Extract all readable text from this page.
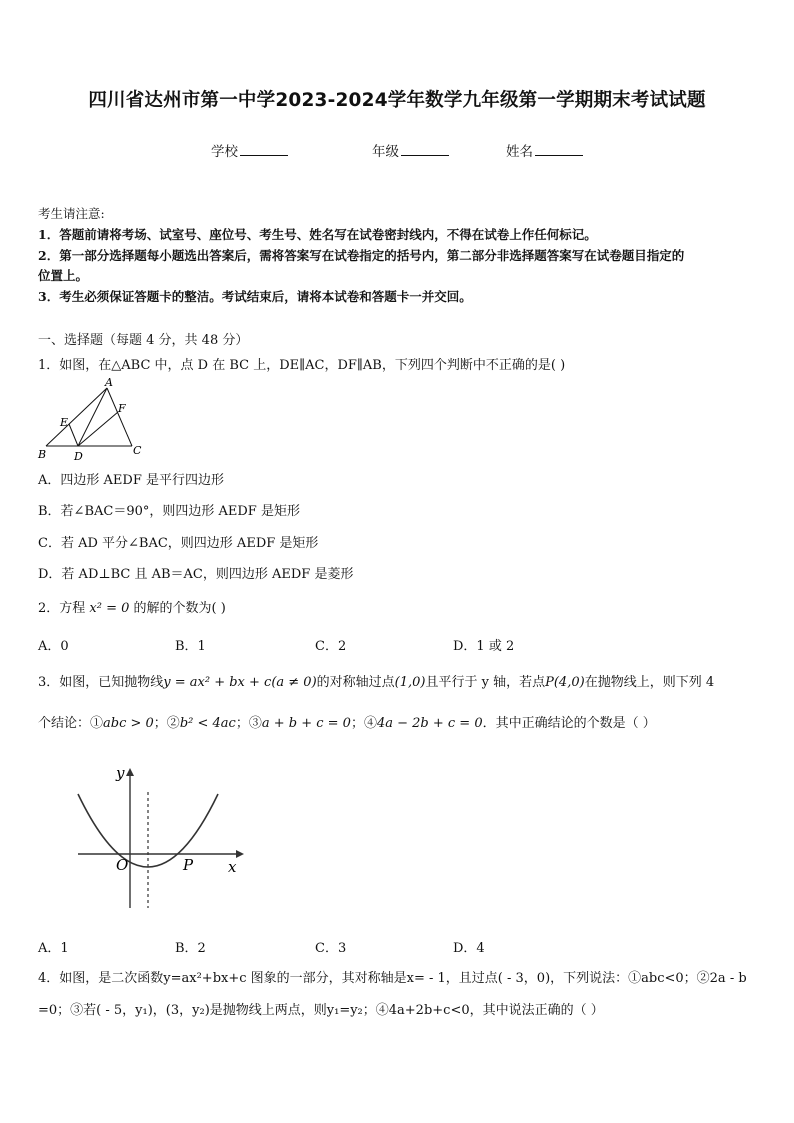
四川省达州市第一中学2023-2024学年数学九年级第一学期期末考试试题
学校	年级	姓名
考生请注意:
1．答题前请将考场、试室号、座位号、考生号、姓名写在试卷密封线内，不得在试卷上作任何标记。
2．第一部分选择题每小题选出答案后，需将答案写在试卷指定的括号内，第二部分非选择题答案写在试卷题目指定的
位置上。
3．考生必须保证答题卡的整洁。考试结束后，请将本试卷和答题卡一并交回。
一、选择题（每题 4 分，共 48 分）
1．如图，在△ABC 中，点 D 在 BC 上，DE∥AC，DF∥AB，下列四个判断中不正确的是( )
A
B	C
D
E
F
A．四边形 AEDF 是平行四边形
B．若∠BAC＝90°，则四边形 AEDF 是矩形
C．若 AD 平分∠BAC，则四边形 AEDF 是矩形
D．若 AD⊥BC 且 AB＝AC，则四边形 AEDF 是菱形
2．方程 x² = 0 的解的个数为( )
A．0	B．1	C．2	D．1 或 2
3．如图，已知抛物线y = ax² + bx + c(a ≠ 0)的对称轴过点(1,0)且平行于 y 轴，若点P(4,0)在抛物线上，则下列 4
个结论：①abc > 0；②b² < 4ac；③a + b + c = 0；④4a − 2b + c = 0．其中正确结论的个数是（ ）
y
x
O	P
A．1	B．2	C．3	D．4
4．如图，是二次函数y=ax²+bx+c 图象的一部分，其对称轴是x= - 1，且过点( - 3，0)，下列说法：①abc<0；②2a - b
=0；③若( - 5，y₁)，(3，y₂)是抛物线上两点，则y₁=y₂；④4a+2b+c<0，其中说法正确的（ ）
